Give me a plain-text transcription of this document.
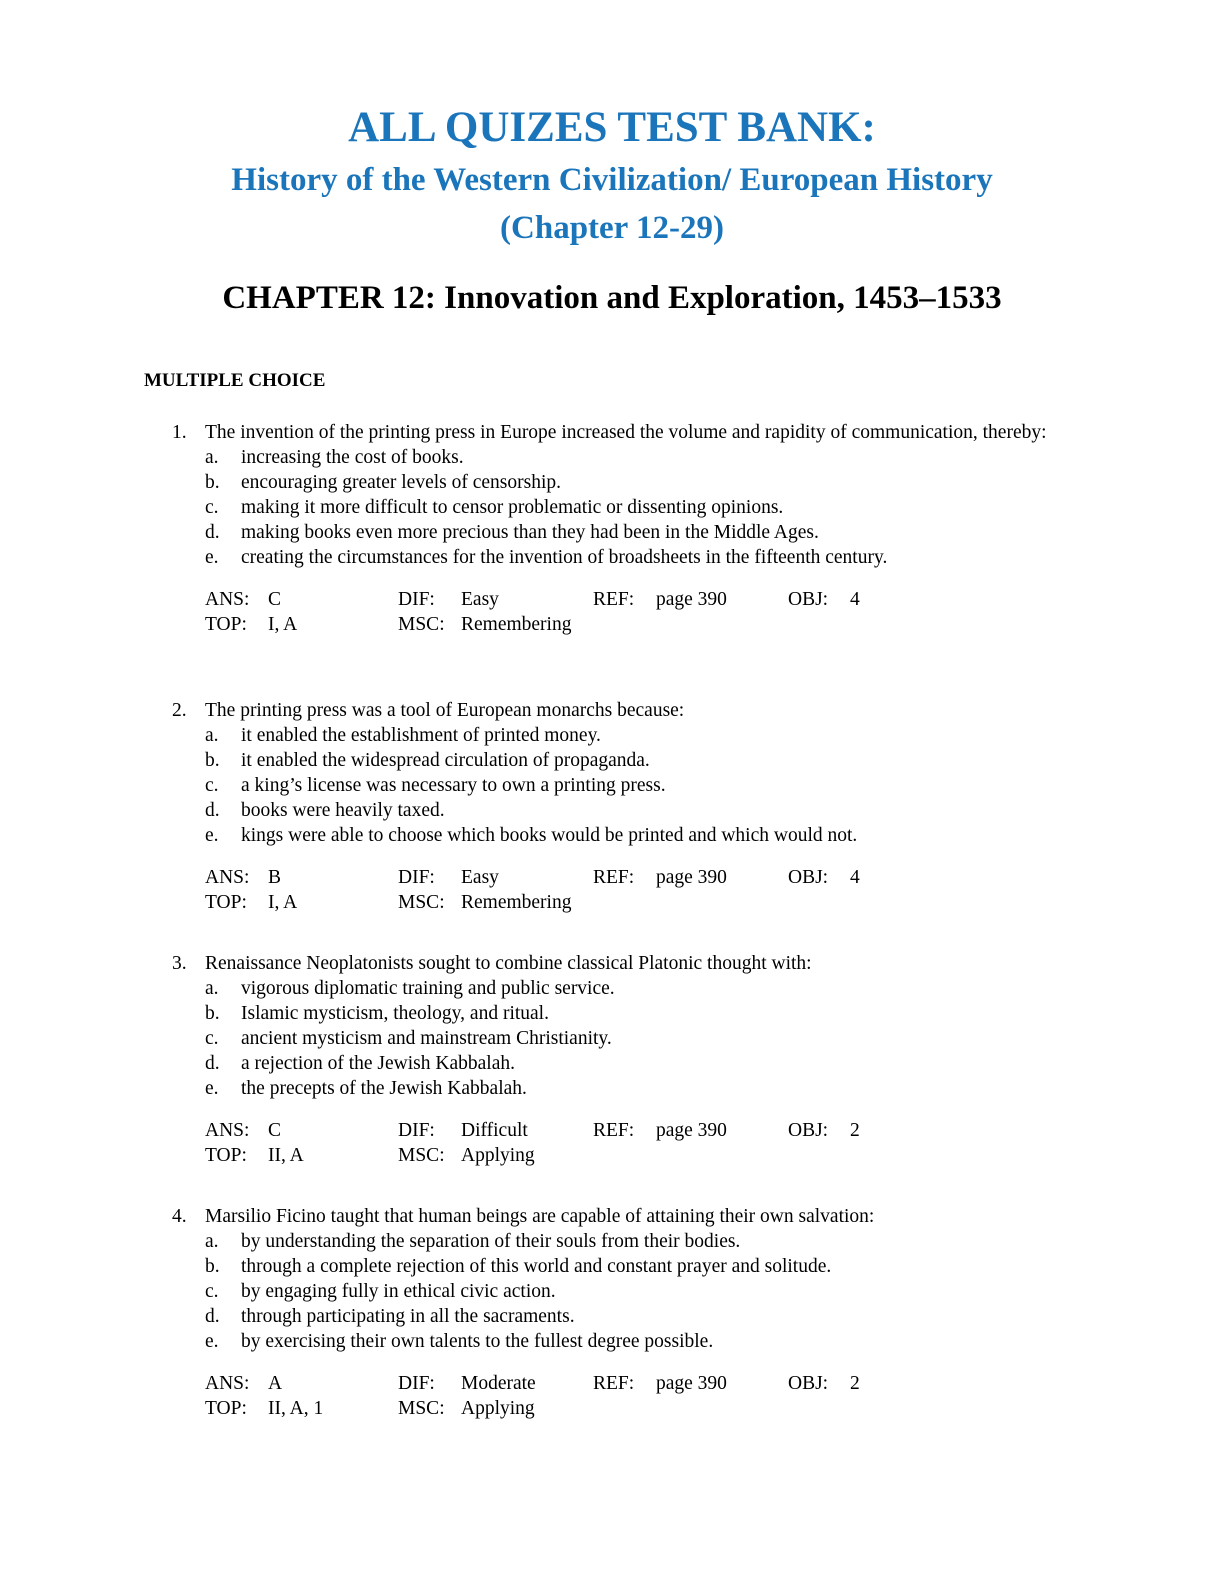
ALL QUIZES TEST BANK:
History of the Western Civilization/ European History
(Chapter 12-29)
CHAPTER 12: Innovation and Exploration, 1453–1533
MULTIPLE CHOICE
1. The invention of the printing press in Europe increased the volume and rapidity of communication, thereby:
a. increasing the cost of books.
b. encouraging greater levels of censorship.
c. making it more difficult to censor problematic or dissenting opinions.
d. making books even more precious than they had been in the Middle Ages.
e. creating the circumstances for the invention of broadsheets in the fifteenth century.
ANS: C	DIF: Easy	REF: page 390	OBJ: 4
TOP: I, A	MSC: Remembering
2. The printing press was a tool of European monarchs because:
a. it enabled the establishment of printed money.
b. it enabled the widespread circulation of propaganda.
c. a king’s license was necessary to own a printing press.
d. books were heavily taxed.
e. kings were able to choose which books would be printed and which would not.
ANS: B	DIF: Easy	REF: page 390	OBJ: 4
TOP: I, A	MSC: Remembering
3. Renaissance Neoplatonists sought to combine classical Platonic thought with:
a. vigorous diplomatic training and public service.
b. Islamic mysticism, theology, and ritual.
c. ancient mysticism and mainstream Christianity.
d. a rejection of the Jewish Kabbalah.
e. the precepts of the Jewish Kabbalah.
ANS: C	DIF: Difficult	REF: page 390	OBJ: 2
TOP: II, A	MSC: Applying
4. Marsilio Ficino taught that human beings are capable of attaining their own salvation:
a. by understanding the separation of their souls from their bodies.
b. through a complete rejection of this world and constant prayer and solitude.
c. by engaging fully in ethical civic action.
d. through participating in all the sacraments.
e. by exercising their own talents to the fullest degree possible.
ANS: A	DIF: Moderate	REF: page 390	OBJ: 2
TOP: II, A, 1	MSC: Applying
